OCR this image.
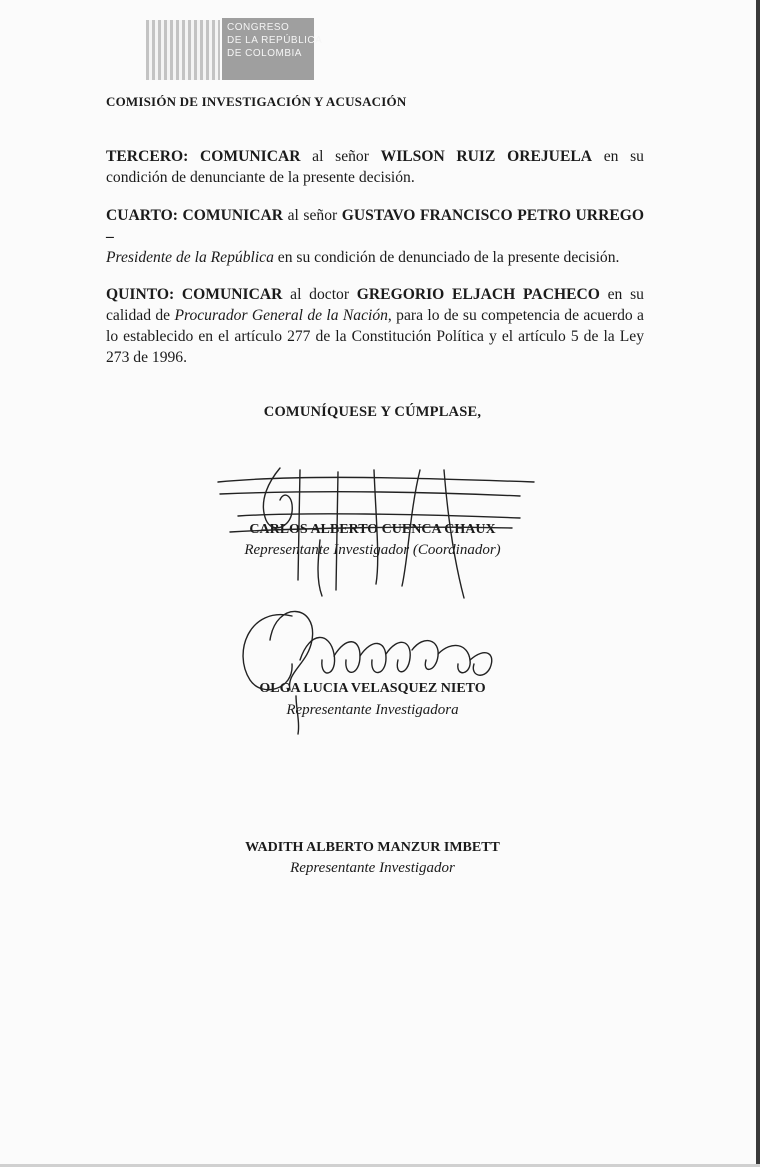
CONGRESO
DE LA REPÚBLICA
DE COLOMBIA
COMISIÓN DE INVESTIGACIÓN Y ACUSACIÓN
TERCERO: COMUNICAR al señor WILSON RUIZ OREJUELA en su condición de denunciante de la presente decisión.
CUARTO: COMUNICAR al señor GUSTAVO FRANCISCO PETRO URREGO –
Presidente de la República en su condición de denunciado de la presente decisión.
QUINTO: COMUNICAR al doctor GREGORIO ELJACH PACHECO en su calidad de Procurador General de la Nación, para lo de su competencia de acuerdo a lo establecido en el artículo 277 de la Constitución Política y el artículo 5 de la Ley 273 de 1996.
COMUNÍQUESE Y CÚMPLASE,
CARLOS ALBERTO CUENCA CHAUX
Representante Investigador (Coordinador)
OLGA LUCIA VELASQUEZ NIETO
Representante Investigadora
WADITH ALBERTO MANZUR IMBETT
Representante Investigador
